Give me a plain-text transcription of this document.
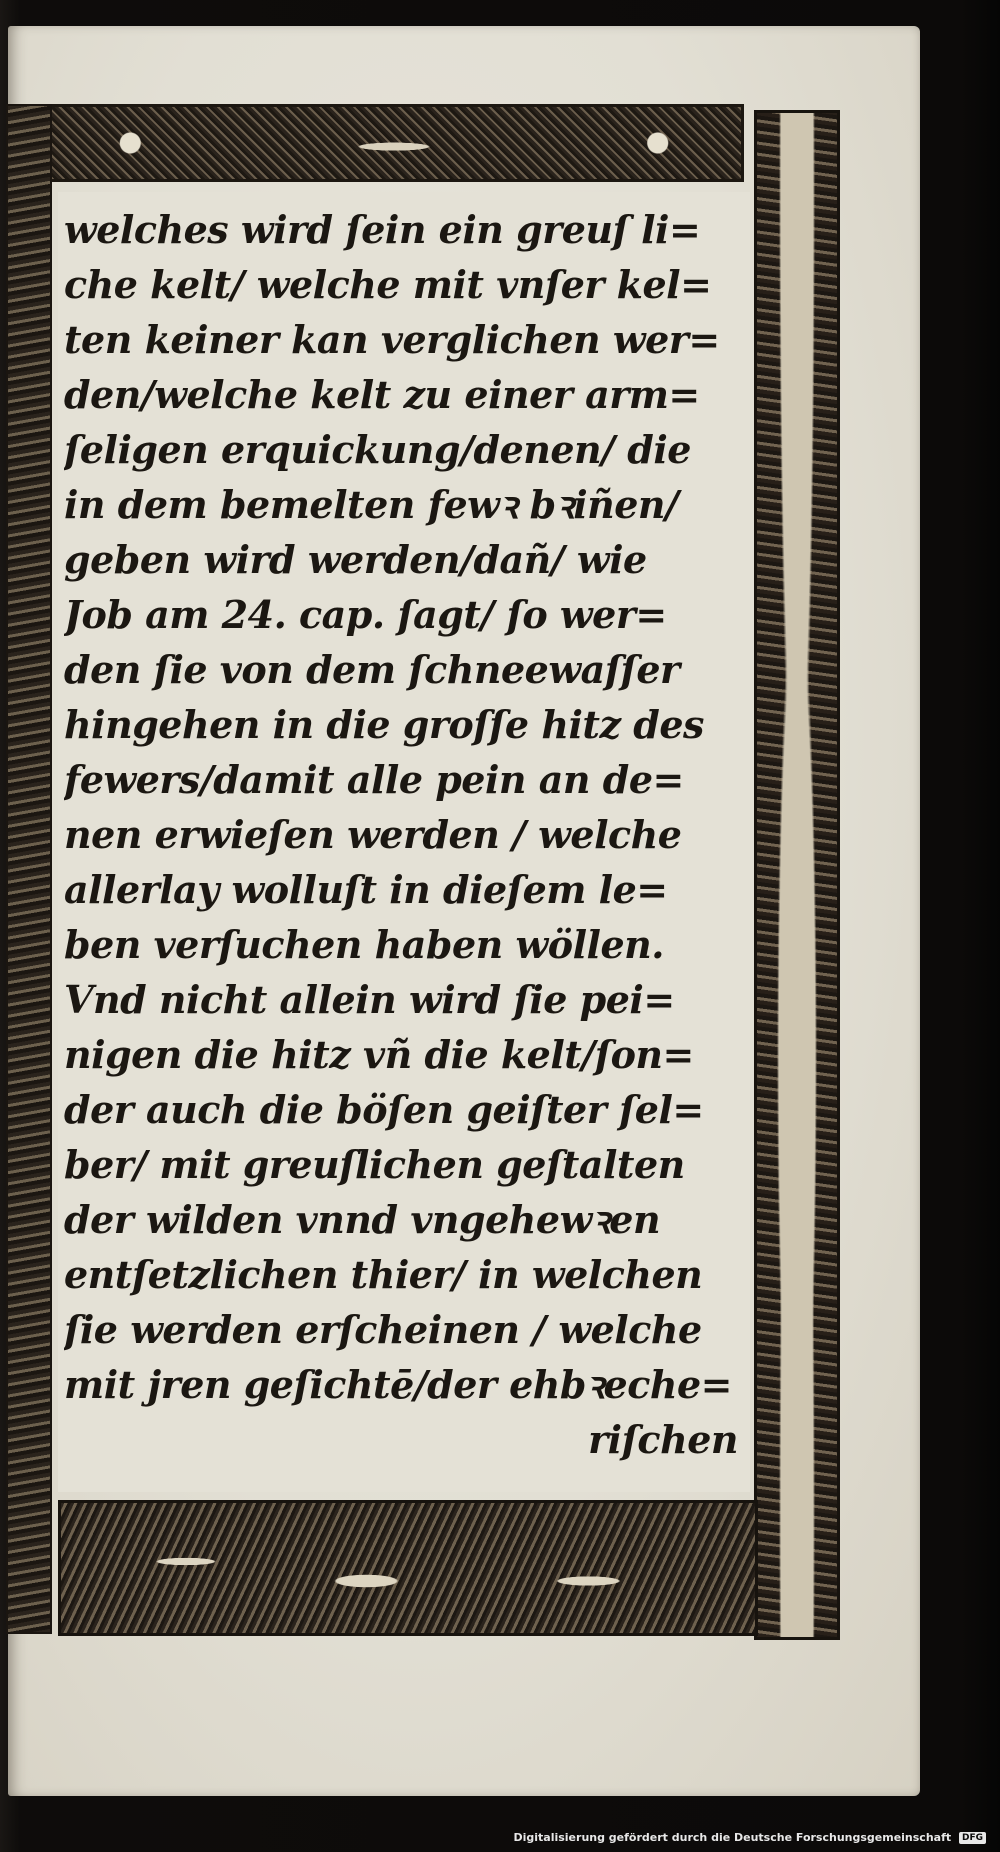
welches wird ſein ein greuſ li=
che kelt/ welche mit vnſer kel=
ten keiner kan verglichen wer=
den/welche kelt zu einer arm=
ſeligen erquickung/denen/ die
in dem bemelten fewꝛ bꝛiñen/
geben wird werden/dañ/ wie
Job am 24. cap. ſagt/ ſo wer=
den ſie von dem ſchneewaſſer
hingehen in die groſſe hitz des
fewers/damit alle pein an de=
nen erwieſen werden / welche
allerlay wolluſt in dieſem le=
ben verſuchen haben wöllen.
Vnd nicht allein wird ſie pei=
nigen die hitz vñ die kelt/ſon=
der auch die böſen geiſter ſel=
ber/ mit greuſlichen geſtalten
der wilden vnnd vngehewꝛen
entſetzlichen thier/ in welchen
ſie werden erſcheinen / welche
mit jren geſichtē/der ehbꝛeche=
riſchen
Digitalisierung gefördert durch die Deutsche Forschungsgemeinschaft DFG
